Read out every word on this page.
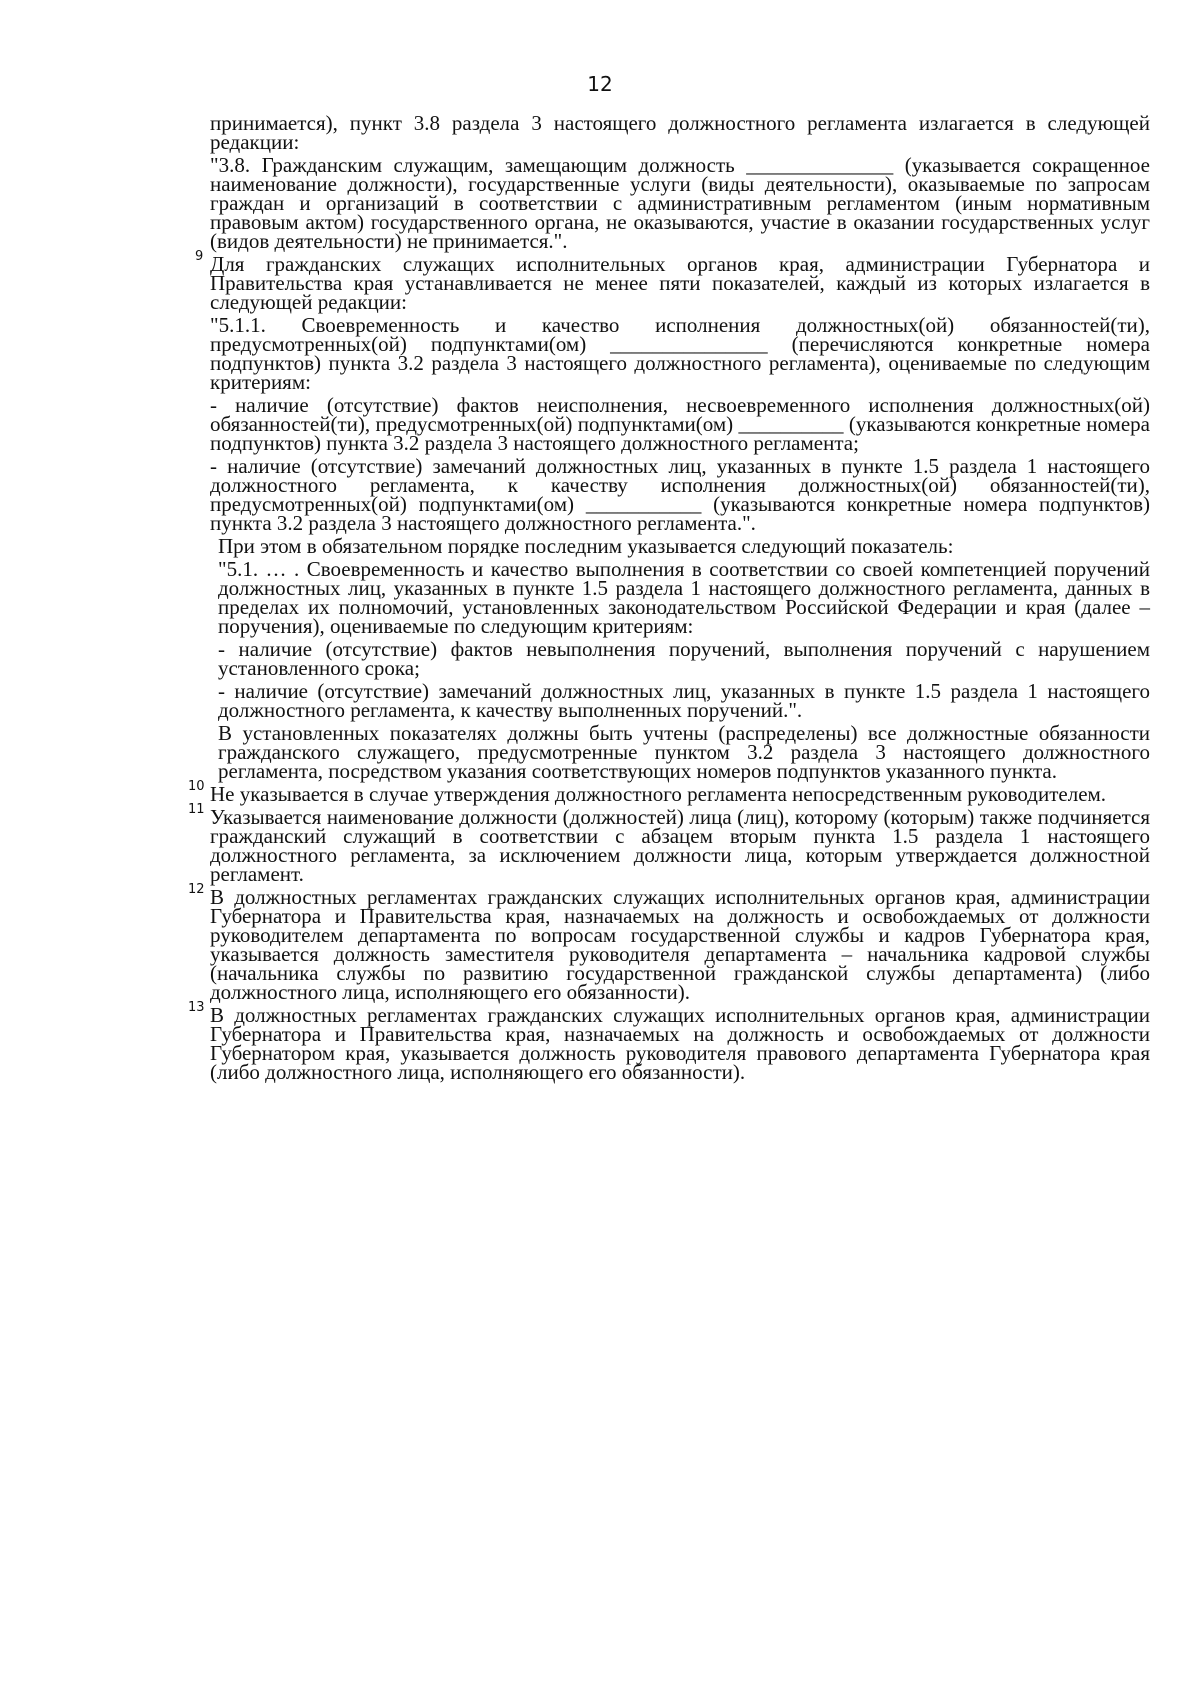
12

принимается), пункт 3.8 раздела 3 настоящего должностного регламента излагается в следующей редакции:

"3.8. Гражданским служащим, замещающим должность ______________ (указывается сокращенное наименование должности), государственные услуги (виды деятельности), оказываемые по запросам граждан и организаций в соответствии с административным регламентом (иным нормативным правовым актом) государственного органа, не оказываются, участие в оказании государственных услуг (видов деятельности) не принимается.".

9 Для гражданских служащих исполнительных органов края, администрации Губернатора и Правительства края устанавливается не менее пяти показателей, каждый из которых излагается в следующей редакции:

"5.1.1. Своевременность и качество исполнения должностных(ой) обязанностей(ти), предусмотренных(ой) подпунктами(ом) _______________ (перечисляются конкретные номера подпунктов) пункта 3.2 раздела 3 настоящего должностного регламента), оцениваемые по следующим критериям:

- наличие (отсутствие) фактов неисполнения, несвоевременного исполнения должностных(ой) обязанностей(ти), предусмотренных(ой) подпунктами(ом) __________ (указываются конкретные номера подпунктов) пункта 3.2 раздела 3 настоящего должностного регламента;

- наличие (отсутствие) замечаний должностных лиц, указанных в пункте 1.5 раздела 1 настоящего должностного регламента, к качеству исполнения должностных(ой) обязанностей(ти), предусмотренных(ой) подпунктами(ом) ___________ (указываются конкретные номера подпунктов) пункта 3.2 раздела 3 настоящего должностного регламента.".

При этом в обязательном порядке последним указывается следующий показатель:

"5.1. … . Своевременность и качество выполнения в соответствии со своей компетенцией поручений должностных лиц, указанных в пункте 1.5 раздела 1 настоящего должностного регламента, данных в пределах их полномочий, установленных законодательством Российской Федерации и края (далее – поручения), оцениваемые по следующим критериям:

- наличие (отсутствие) фактов невыполнения поручений, выполнения поручений с нарушением установленного срока;

- наличие (отсутствие) замечаний должностных лиц, указанных в пункте 1.5 раздела 1 настоящего должностного регламента, к качеству выполненных поручений.".

В установленных показателях должны быть учтены (распределены) все должностные обязанности гражданского служащего, предусмотренные пунктом 3.2 раздела 3 настоящего должностного регламента, посредством указания соответствующих номеров подпунктов указанного пункта.

10 Не указывается в случае утверждения должностного регламента непосредственным руководителем.

11 Указывается наименование должности (должностей) лица (лиц), которому (которым) также подчиняется гражданский служащий в соответствии с абзацем вторым пункта 1.5 раздела 1 настоящего должностного регламента, за исключением должности лица, которым утверждается должностной регламент.

12 В должностных регламентах гражданских служащих исполнительных органов края, администрации Губернатора и Правительства края, назначаемых на должность и освобождаемых от должности руководителем департамента по вопросам государственной службы и кадров Губернатора края, указывается должность заместителя руководителя департамента – начальника кадровой службы (начальника службы по развитию государственной гражданской службы департамента) (либо должностного лица, исполняющего его обязанности).

13 В должностных регламентах гражданских служащих исполнительных органов края, администрации Губернатора и Правительства края, назначаемых на должность и освобождаемых от должности Губернатором края, указывается должность руководителя правового департамента Губернатора края (либо должностного лица, исполняющего его обязанности).
